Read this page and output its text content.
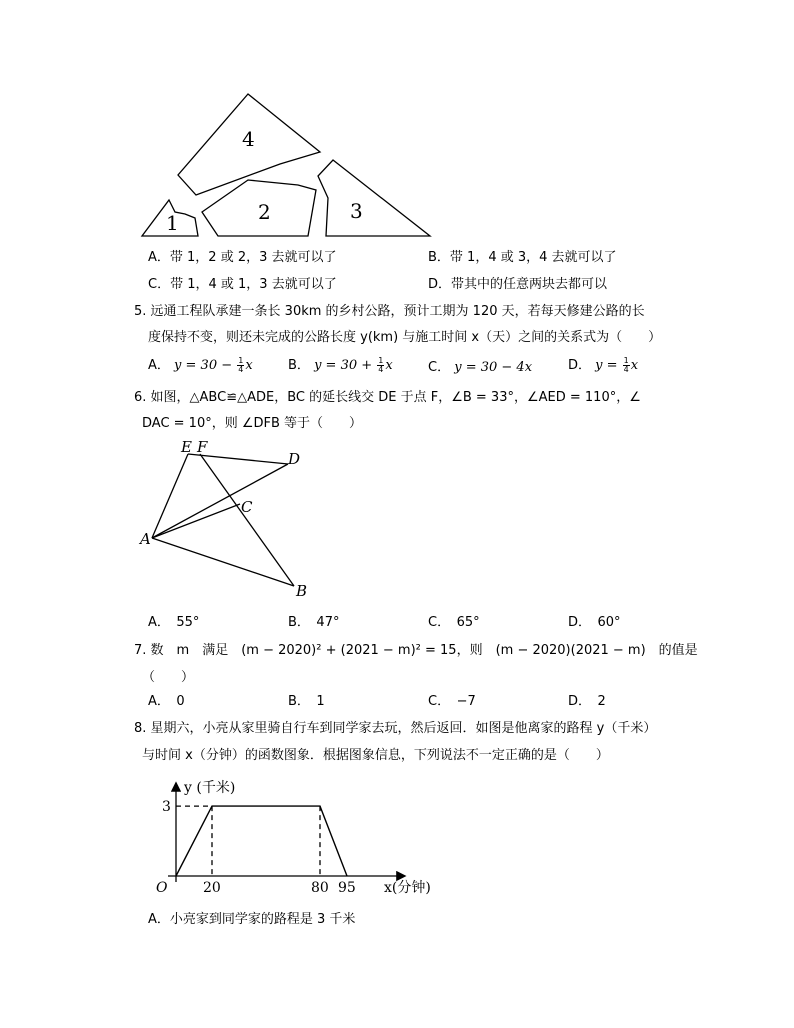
4
1	2	3
A．带 1，2 或 2，3 去就可以了	B．带 1，4 或 3，4 去就可以了
C．带 1，4 或 1，3 去就可以了	D．带其中的任意两块去都可以
5. 远通工程队承建一条长 30km 的乡村公路，预计工期为 120 天，若每天修建公路的长
度保持不变，则还未完成的公路长度 y(km) 与施工时间 x（天）之间的关系式为（　　）
A． $y = 30 - \frac{1}{4}$ x	B． $y = 30 + \frac{1}{4}$ x	C． y = 30 − 4x	D． $y = \frac{1}{4}$ x
6. 如图，△ABC≌△ADE，BC 的延长线交 DE 于点 F，∠B = 33°，∠AED = 110°，∠
DAC = 10°，则 ∠DFB 等于（　　）
E F
D
C
A
B
A．　55°	B．　47°	C．　65°	D．　60°
7. 数　m　满足　(m − 2020)² + (2021 − m)² = 15，则　(m − 2020)(2021 − m)　的值是
（　　）
A．　0	B．　1	C．　−7	D．　2
8. 星期六，小亮从家里骑自行车到同学家去玩，然后返回．如图是他离家的路程 y（千米）
与时间 x（分钟）的函数图象．根据图象信息，下列说法不一定正确的是（　　）
y (千米)
x(分钟)
O	20	80 95
3
A．小亮家到同学家的路程是 3 千米
